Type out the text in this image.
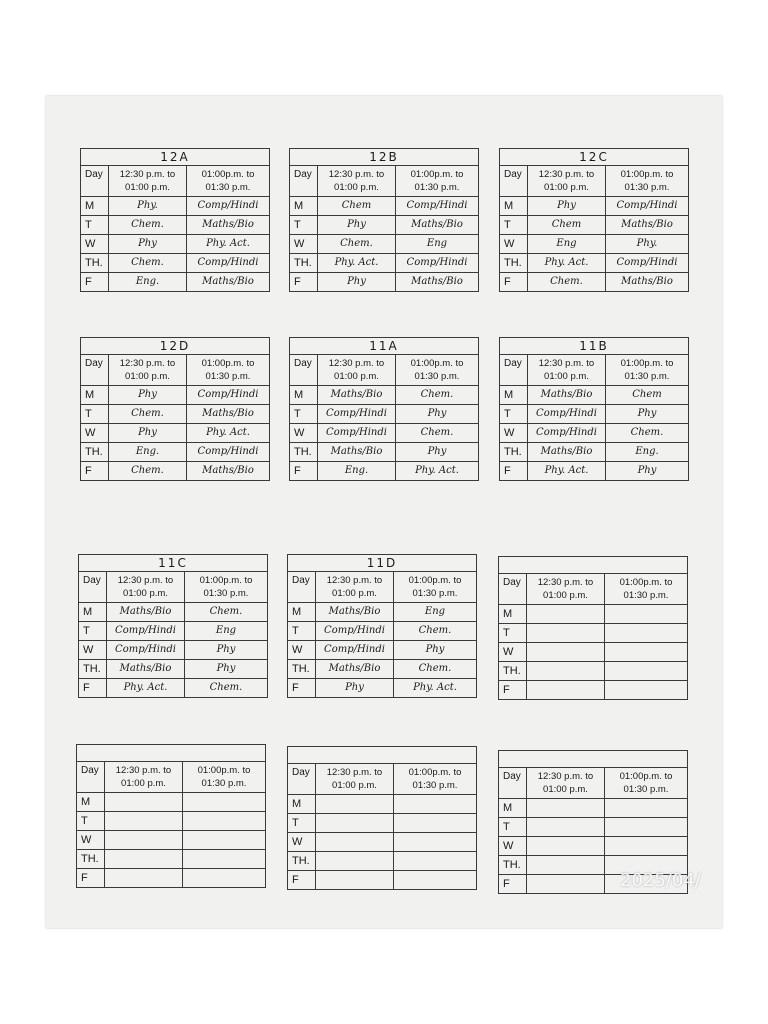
12A
Day	12:30 p.m. to
01:00 p.m.
01:00p.m. to
01:30 p.m.
M	Phy.	Comp/Hindi
T	Chem.	Maths/Bio
W	Phy	Phy. Act.
TH.	Chem.	Comp/Hindi
F	Eng.	Maths/Bio
12B
Day	12:30 p.m. to
01:00 p.m.
01:00p.m. to
01:30 p.m.
M	Chem	Comp/Hindi
T	Phy	Maths/Bio
W	Chem.	Eng
TH.	Phy. Act.	Comp/Hindi
F	Phy	Maths/Bio
12C
Day	12:30 p.m. to
01:00 p.m.
01:00p.m. to
01:30 p.m.
M	Phy	Comp/Hindi
T	Chem	Maths/Bio
W	Eng	Phy.
TH.	Phy. Act.	Comp/Hindi
F	Chem.	Maths/Bio
12D
Day	12:30 p.m. to
01:00 p.m.
01:00p.m. to
01:30 p.m.
M	Phy	Comp/Hindi
T	Chem.	Maths/Bio
W	Phy	Phy. Act.
TH.	Eng.	Comp/Hindi
F	Chem.	Maths/Bio
11A
Day	12:30 p.m. to
01:00 p.m.
01:00p.m. to
01:30 p.m.
M	Maths/Bio	Chem.
T	Comp/Hindi	Phy
W	Comp/Hindi	Chem.
TH.	Maths/Bio	Phy
F	Eng.	Phy. Act.
11B
Day	12:30 p.m. to
01:00 p.m.
01:00p.m. to
01:30 p.m.
M	Maths/Bio	Chem
T	Comp/Hindi	Phy
W	Comp/Hindi	Chem.
TH.	Maths/Bio	Eng.
F	Phy. Act.	Phy
11C
Day	12:30 p.m. to
01:00 p.m.
01:00p.m. to
01:30 p.m.
M	Maths/Bio	Chem.
T	Comp/Hindi	Eng
W	Comp/Hindi	Phy
TH.	Maths/Bio	Phy
F	Phy. Act.	Chem.
11D
Day	12:30 p.m. to
01:00 p.m.
01:00p.m. to
01:30 p.m.
M	Maths/Bio	Eng
T	Comp/Hindi	Chem.
W	Comp/Hindi	Phy
TH.	Maths/Bio	Chem.
F	Phy	Phy. Act.
Day	12:30 p.m. to
01:00 p.m.
01:00p.m. to
01:30 p.m.
M
T
W
TH.
F
Day	12:30 p.m. to
01:00 p.m.
01:00p.m. to
01:30 p.m.
M
T
W
TH.
F
Day	12:30 p.m. to
01:00 p.m.
01:00p.m. to
01:30 p.m.
M
T
W
TH.
F
Day	12:30 p.m. to
01:00 p.m.
01:00p.m. to
01:30 p.m.
M
T
W
TH.
F	2025/04/
